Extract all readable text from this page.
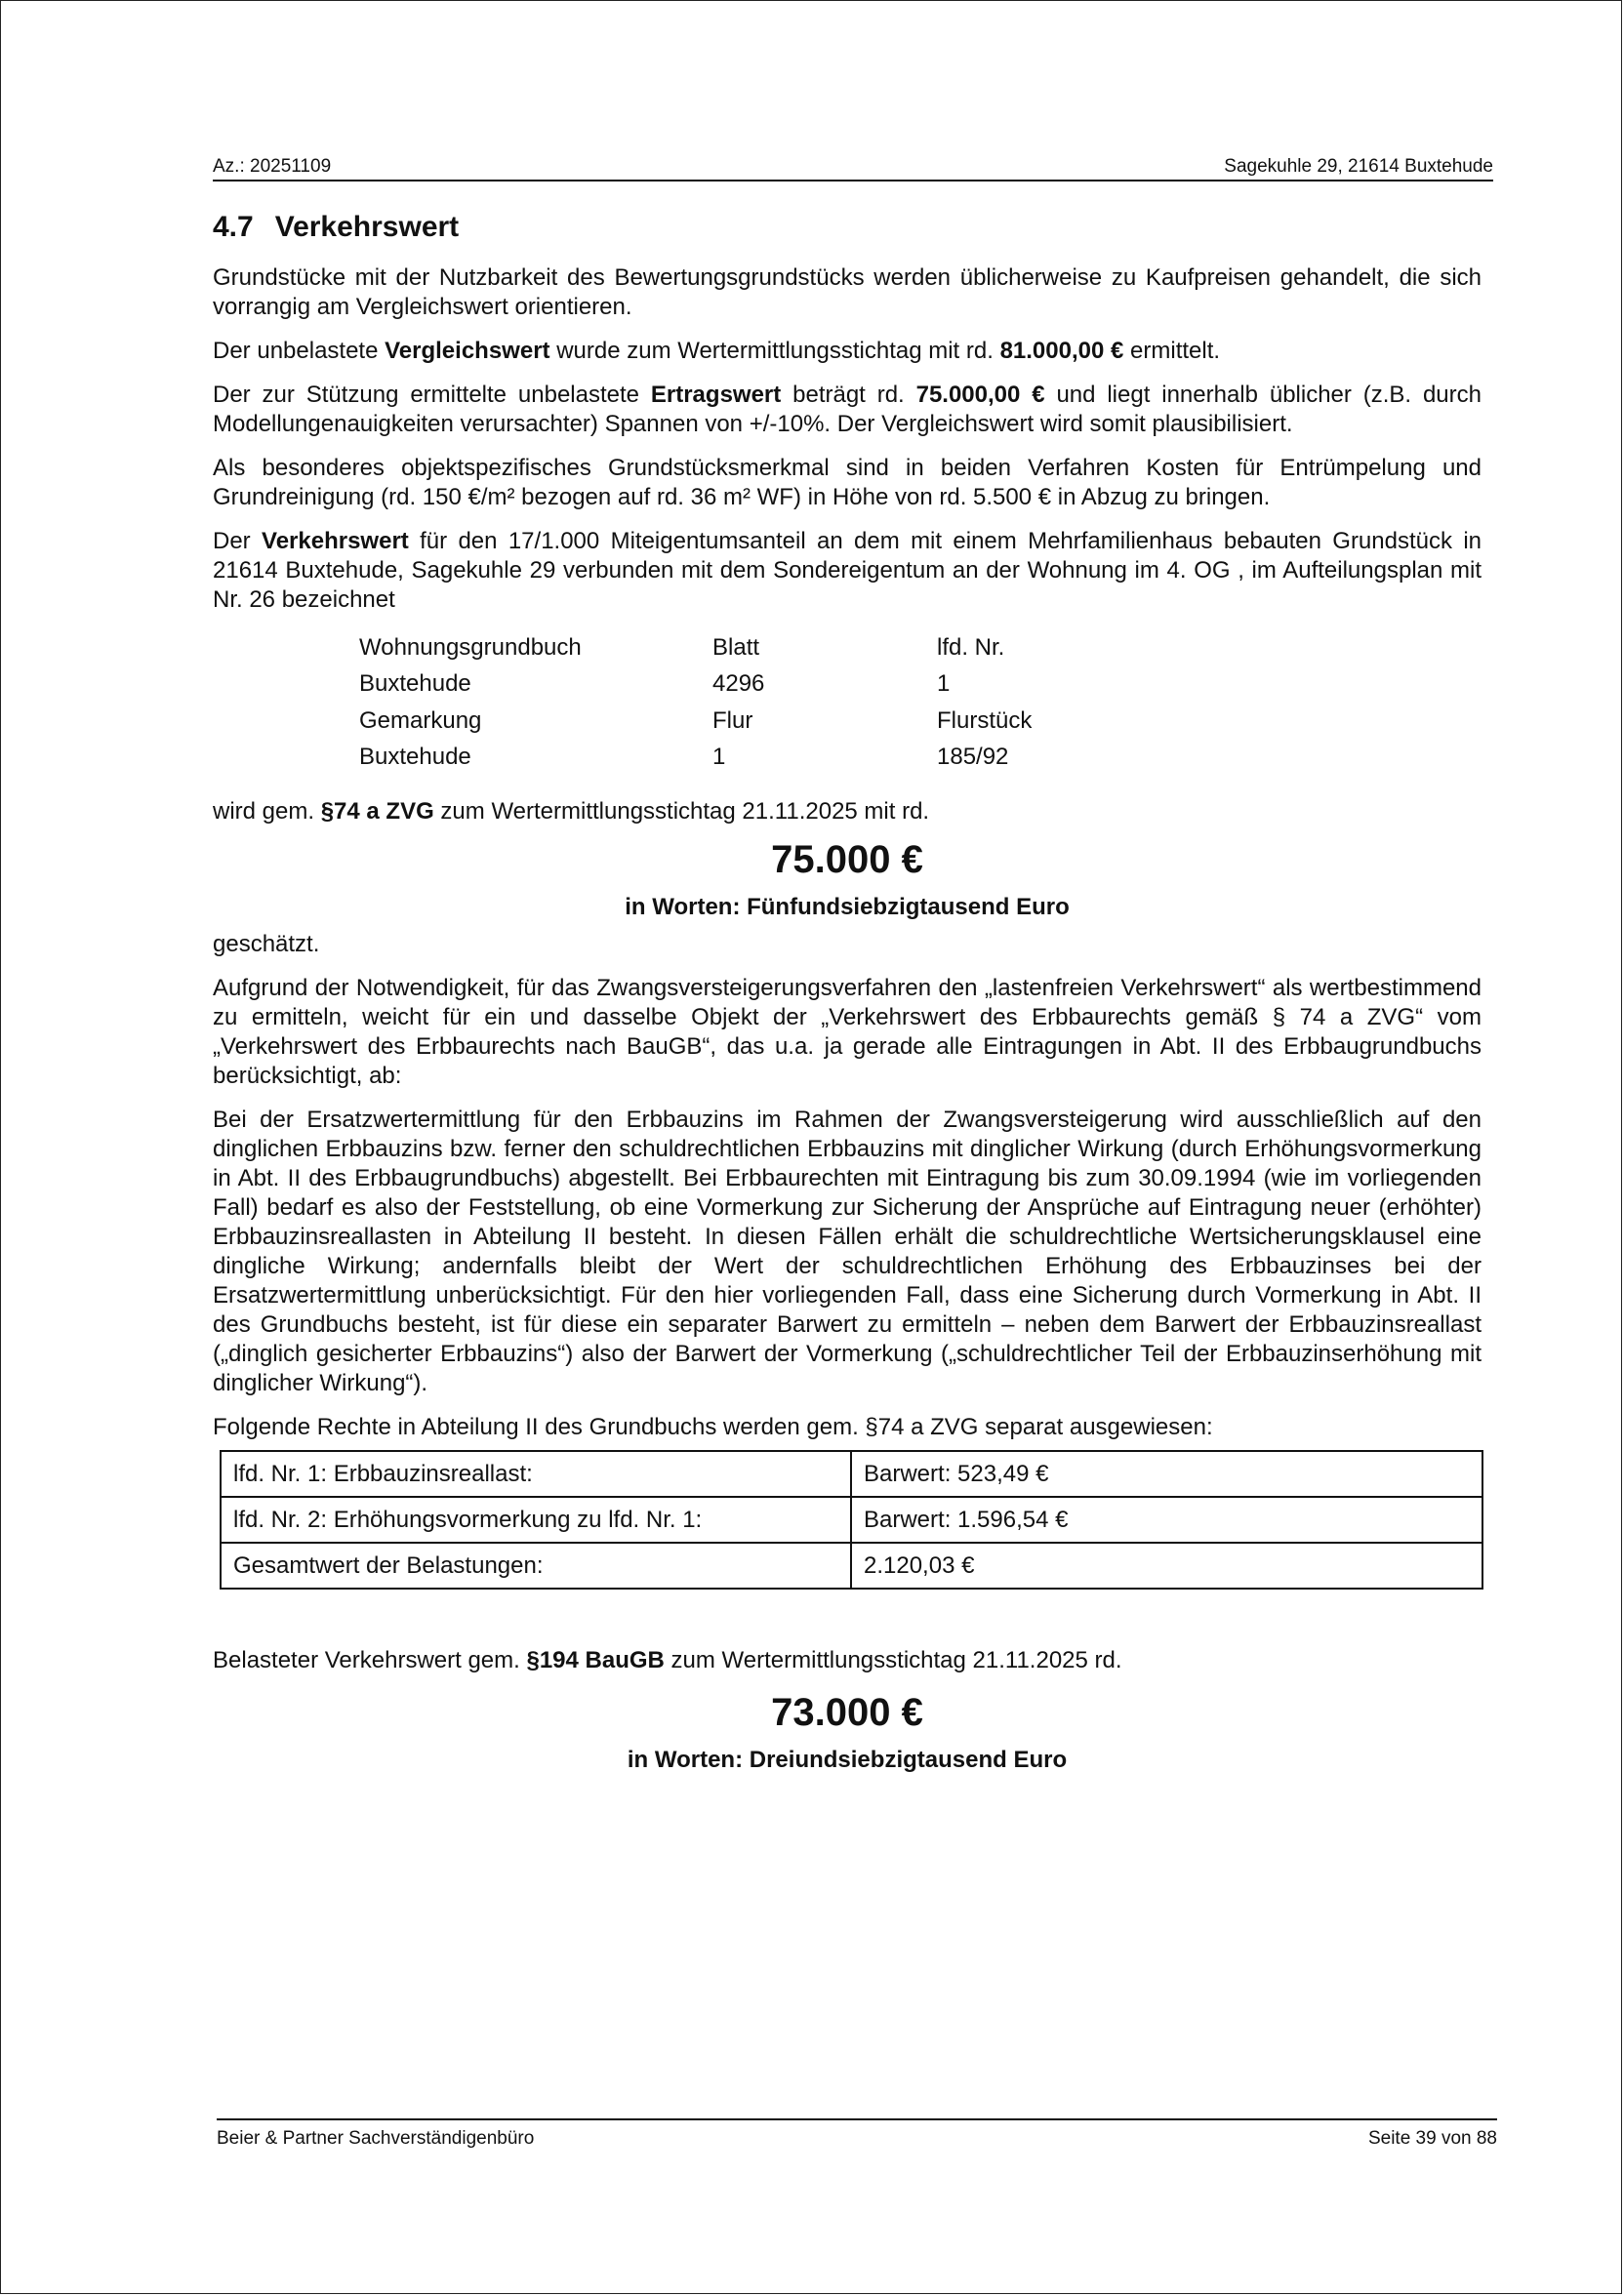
Az.: 20251109	Sagekuhle 29, 21614 Buxtehude
4.7 Verkehrswert

Grundstücke mit der Nutzbarkeit des Bewertungsgrundstücks werden üblicherweise zu Kaufpreisen gehandelt, die sich vorrangig am Vergleichswert orientieren.

Der unbelastete Vergleichswert wurde zum Wertermittlungsstichtag mit rd. 81.000,00 € ermittelt.

Der zur Stützung ermittelte unbelastete Ertragswert beträgt rd. 75.000,00 € und liegt innerhalb üblicher (z.B. durch Modellungenauigkeiten verursachter) Spannen von +/-10%. Der Vergleichswert wird somit plausibilisiert.

Als besonderes objektspezifisches Grundstücksmerkmal sind in beiden Verfahren Kosten für Entrümpelung und Grundreinigung (rd. 150 €/m² bezogen auf rd. 36 m² WF) in Höhe von rd. 5.500 € in Abzug zu bringen.

Der Verkehrswert für den 17/1.000 Miteigentumsanteil an dem mit einem Mehrfamilienhaus bebauten Grundstück in 21614 Buxtehude, Sagekuhle 29 verbunden mit dem Sondereigentum an der Wohnung im 4. OG , im Aufteilungsplan mit Nr. 26 bezeichnet

Wohnungsgrundbuch	Blatt	lfd. Nr.
Buxtehude	4296	1
Gemarkung	Flur	Flurstück
Buxtehude	1	185/92

wird gem. §74 a ZVG zum Wertermittlungsstichtag 21.11.2025 mit rd.

75.000 €
in Worten: Fünfundsiebzigtausend Euro

geschätzt.

Aufgrund der Notwendigkeit, für das Zwangsversteigerungsverfahren den „lastenfreien Verkehrswert“ als wertbestimmend zu ermitteln, weicht für ein und dasselbe Objekt der „Verkehrswert des Erbbaurechts gemäß § 74 a ZVG“ vom „Verkehrswert des Erbbaurechts nach BauGB“, das u.a. ja gerade alle Eintragungen in Abt. II des Erbbaugrundbuchs berücksichtigt, ab:

Bei der Ersatzwertermittlung für den Erbbauzins im Rahmen der Zwangsversteigerung wird ausschließlich auf den dinglichen Erbbauzins bzw. ferner den schuldrechtlichen Erbbauzins mit dinglicher Wirkung (durch Erhöhungsvormerkung in Abt. II des Erbbaugrundbuchs) abgestellt. Bei Erbbaurechten mit Eintragung bis zum 30.09.1994 (wie im vorliegenden Fall) bedarf es also der Feststellung, ob eine Vormerkung zur Sicherung der Ansprüche auf Eintragung neuer (erhöhter) Erbbauzinsreallasten in Abteilung II besteht. In diesen Fällen erhält die schuldrechtliche Wertsicherungsklausel eine dingliche Wirkung; andernfalls bleibt der Wert der schuldrechtlichen Erhöhung des Erbbauzinses bei der Ersatzwertermittlung unberücksichtigt. Für den hier vorliegenden Fall, dass eine Sicherung durch Vormerkung in Abt. II des Grundbuchs besteht, ist für diese ein separater Barwert zu ermitteln – neben dem Barwert der Erbbauzinsreallast („dinglich gesicherter Erbbauzins“) also der Barwert der Vormerkung („schuldrechtlicher Teil der Erbbauzinserhöhung mit dinglicher Wirkung“).

Folgende Rechte in Abteilung II des Grundbuchs werden gem. §74 a ZVG separat ausgewiesen:

lfd. Nr. 1: Erbbauzinsreallast:	Barwert: 523,49 €
lfd. Nr. 2: Erhöhungsvormerkung zu lfd. Nr. 1:	Barwert: 1.596,54 €
Gesamtwert der Belastungen:	2.120,03 €

Belasteter Verkehrswert gem. §194 BauGB zum Wertermittlungsstichtag 21.11.2025 rd.

73.000 €
in Worten: Dreiundsiebzigtausend Euro
Beier & Partner Sachverständigenbüro	Seite 39 von 88
